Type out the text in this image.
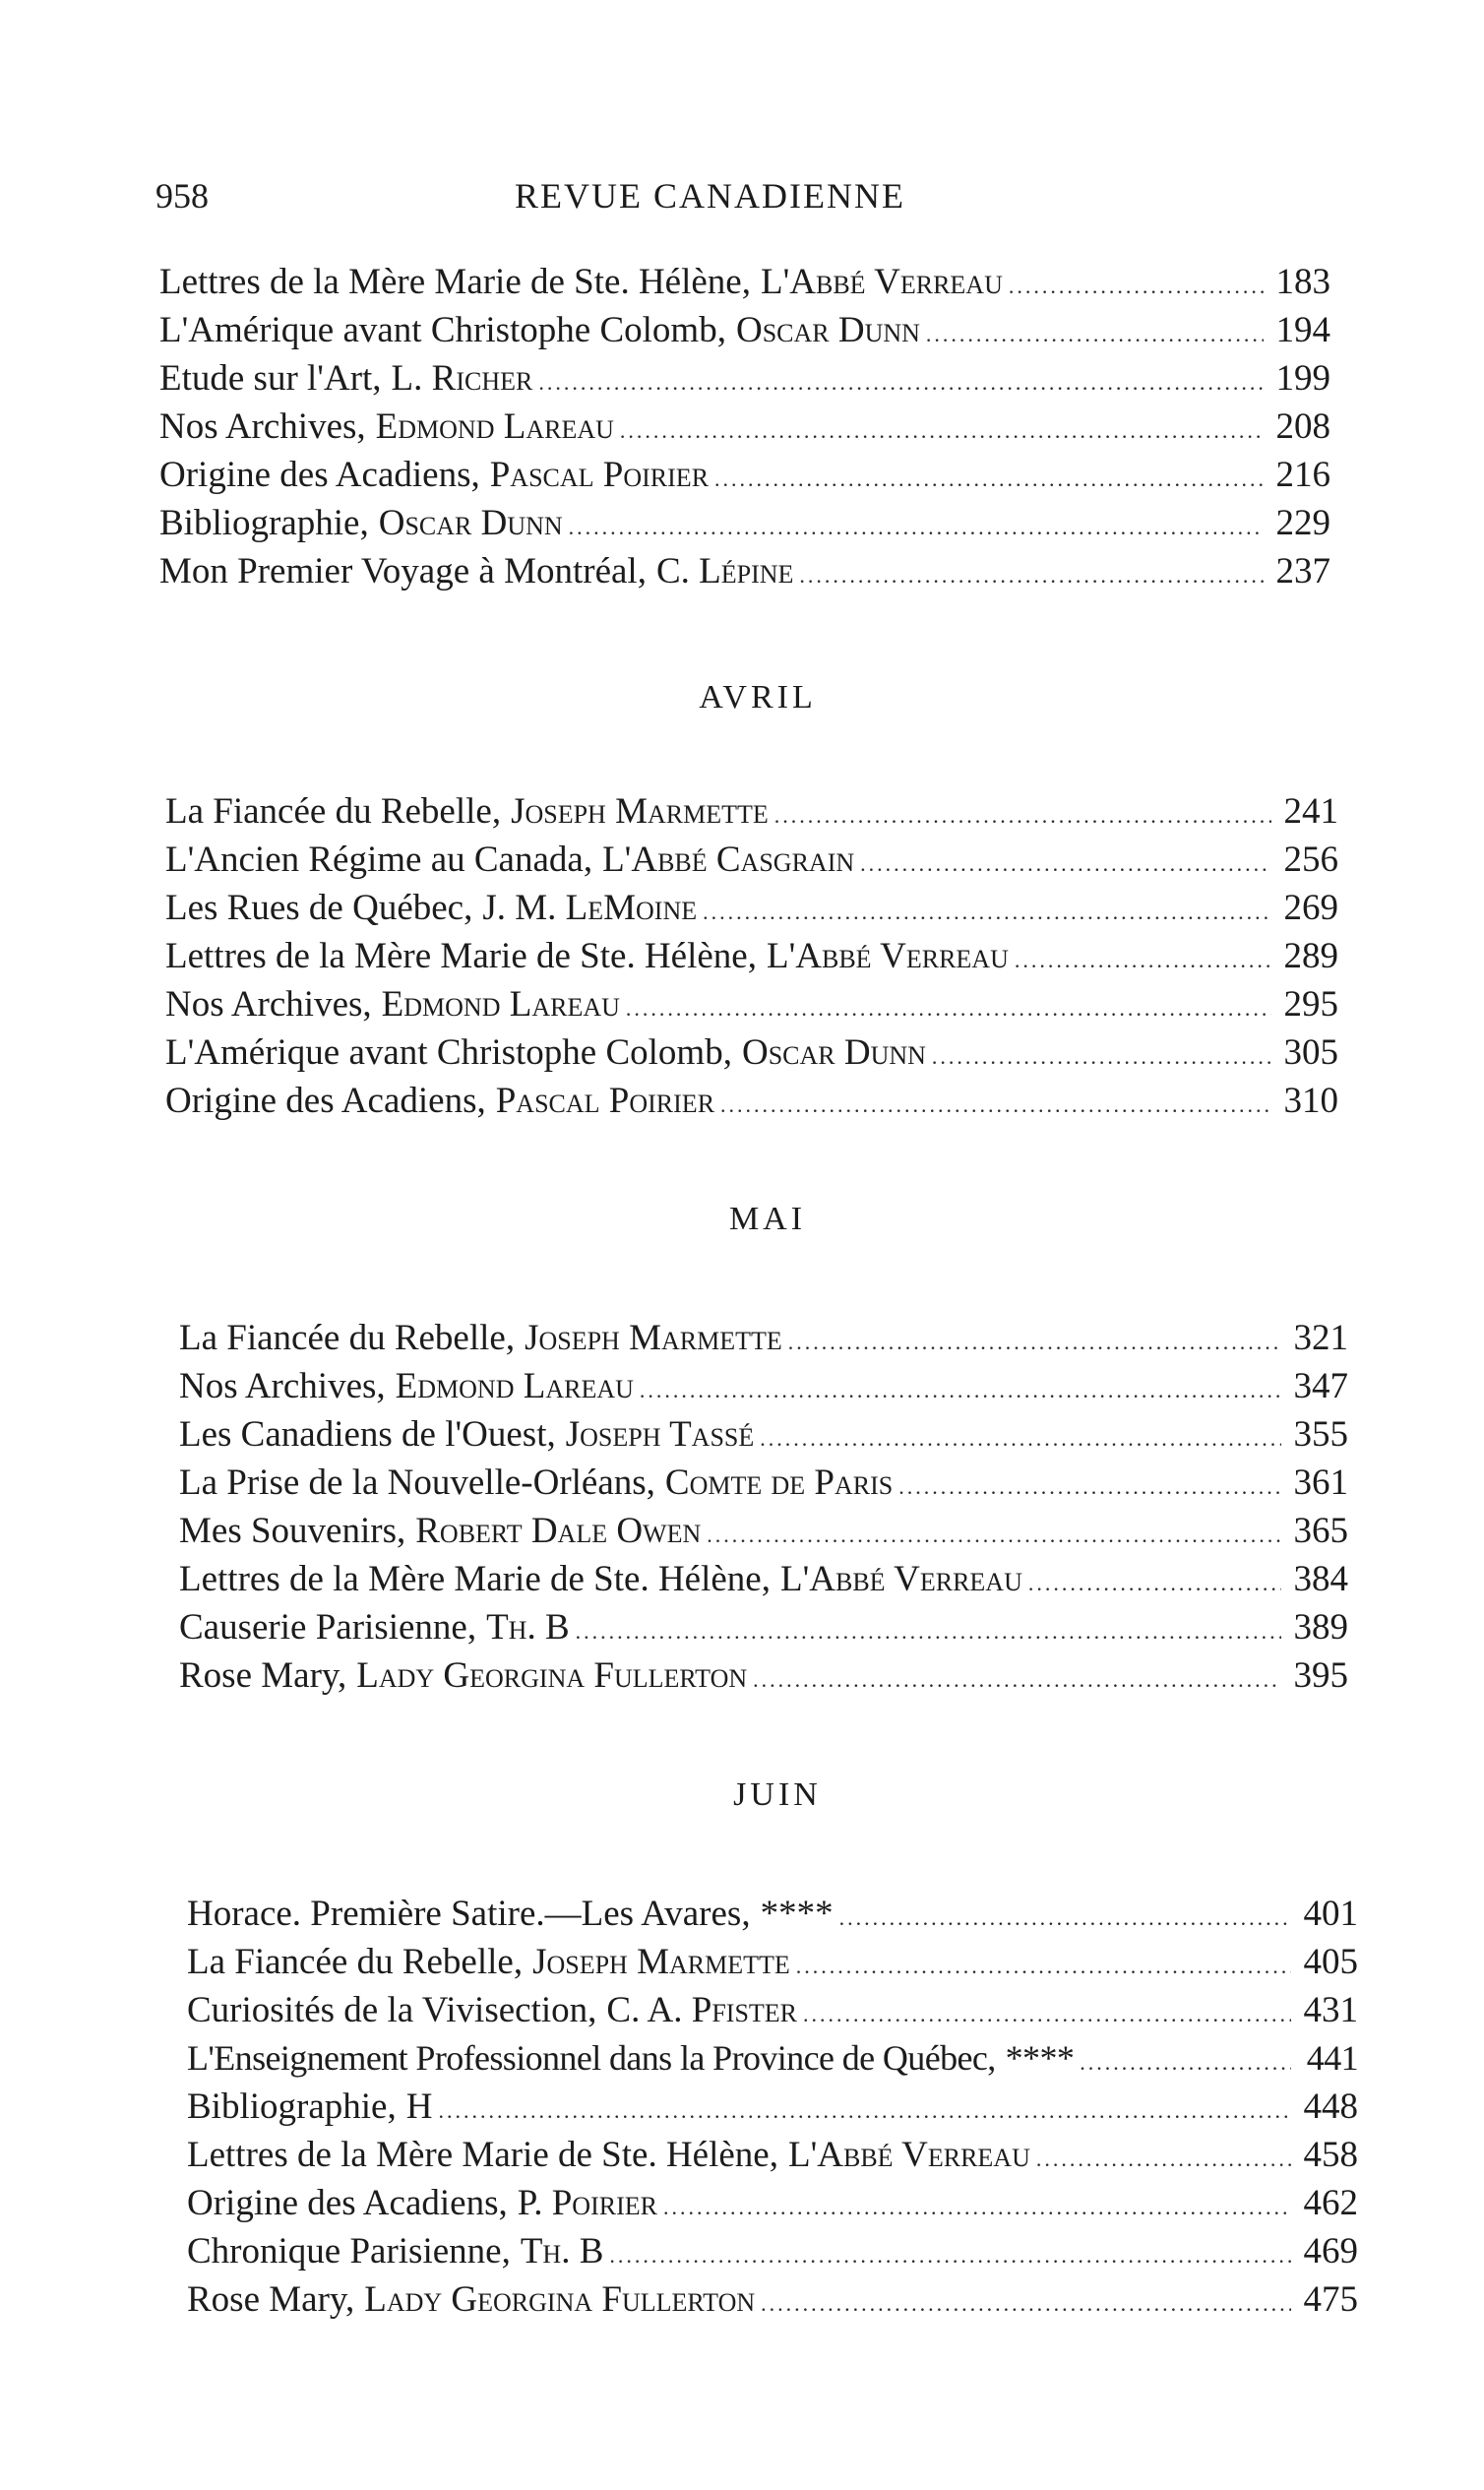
958	REVUE CANADIENNE
Lettres de la Mère Marie de Ste. Hélène, L'Abbé Verreau .....	183
L'Amérique avant Christophe Colomb, Oscar Dunn .....	194
Etude sur l'Art, L. Richer .....	199
Nos Archives, Edmond Lareau .....	208
Origine des Acadiens, Pascal Poirier .....	216
Bibliographie, Oscar Dunn .....	229
Mon Premier Voyage à Montréal, C. Lépine .....	237
AVRIL
La Fiancée du Rebelle, Joseph Marmette .....	241
L'Ancien Régime au Canada, L'Abbé Casgrain .....	256
Les Rues de Québec, J. M. LeMoine .....	269
Lettres de la Mère Marie de Ste. Hélène, L'Abbé Verreau .....	289
Nos Archives, Edmond Lareau .....	295
L'Amérique avant Christophe Colomb, Oscar Dunn .....	305
Origine des Acadiens, Pascal Poirier .....	310
MAI
La Fiancée du Rebelle, Joseph Marmette .....	321
Nos Archives, Edmond Lareau .....	347
Les Canadiens de l'Ouest, Joseph Tassé .....	355
La Prise de la Nouvelle-Orléans, Comte de Paris .....	361
Mes Souvenirs, Robert Dale Owen .....	365
Lettres de la Mère Marie de Ste. Hélène, L'Abbé Verreau .....	384
Causerie Parisienne, Th. B .....	389
Rose Mary, Lady Georgina Fullerton .....	395
JUIN
Horace. Première Satire.—Les Avares, **** .....	401
La Fiancée du Rebelle, Joseph Marmette .....	405
Curiosités de la Vivisection, C. A. Pfister .....	431
L'Enseignement Professionnel dans la Province de Québec, **** .....	441
Bibliographie, H .....	448
Lettres de la Mère Marie de Ste. Hélène, L'Abbé Verreau .....	458
Origine des Acadiens, P. Poirier .....	462
Chronique Parisienne, Th. B .....	469
Rose Mary, Lady Georgina Fullerton .....	475
